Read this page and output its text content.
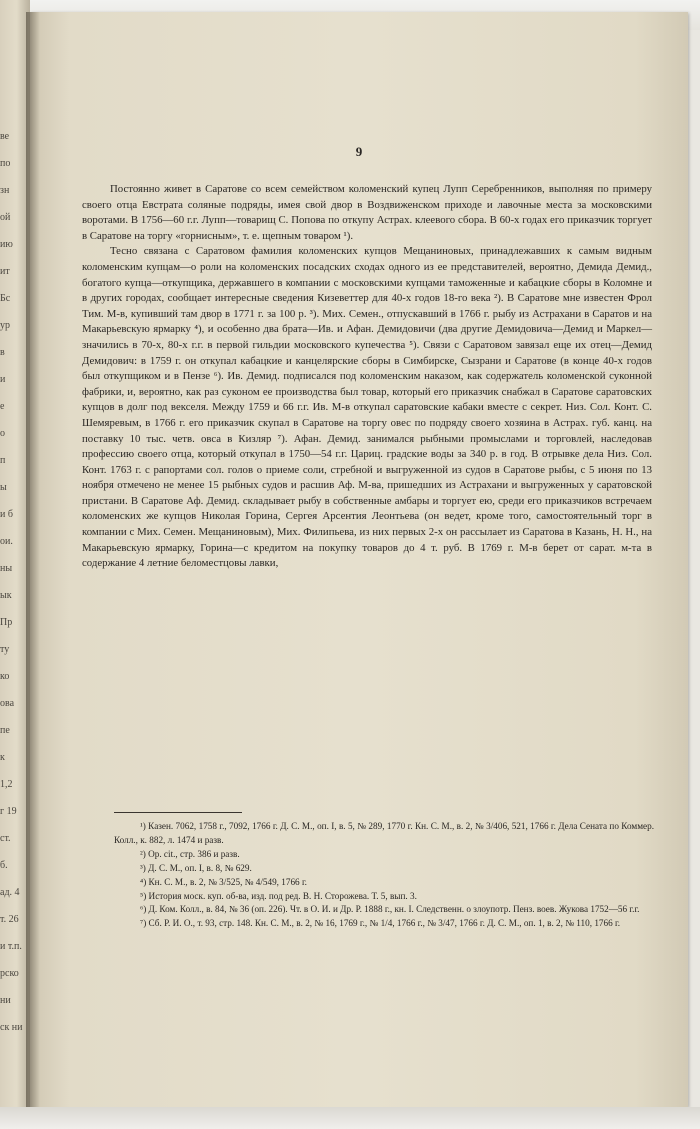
ве
по
зн
ой
ию
ит
Бс
ур
в
и
е
о
п
ы
и б
ои.
ны
ык
Пр
ту
ко
ова
пе
к
1,2
г 19
ст.
б.
ад. 4
т. 26
и т.п.
рско
ни
ск ни
9

Постоянно живет в Саратове со всем семейством коломенский купец Лупп Серебренников, выполняя по примеру своего отца Евстрата соляные подряды, имея свой двор в Воздвиженском приходе и лавочные места за московскими воротами. В 1756—60 г.г. Лупп—товарищ С. Попова по откупу Астрах. клеевого сбора. В 60-х годах его приказчик торгует в Саратове на торгу «горнисным», т. е. щепным товаром ¹).

Тесно связана с Саратовом фамилия коломенских купцов Мещаниновых, принадлежавших к самым видным коломенским купцам—о роли на коломенских посадских сходах одного из ее представителей, вероятно, Демида Демид., богатого купца—откупщика, державшего в компании с московскими купцами таможенные и кабацкие сборы в Коломне и в других городах, сообщает интересные сведения Кизеветтер для 40-х годов 18-го века ²). В Саратове мне известен Фрол Тим. М-в, купивший там двор в 1771 г. за 100 р. ³). Мих. Семен., отпускавший в 1766 г. рыбу из Астрахани в Саратов и на Макарьевскую ярмарку ⁴), и особенно два брата—Ив. и Афан. Демидовичи (два другие Демидовича—Демид и Маркел—значились в 70-х, 80-х г.г. в первой гильдии московского купечества ⁵). Связи с Саратовом завязал еще их отец—Демид Демидович: в 1759 г. он откупал кабацкие и канцелярские сборы в Симбирске, Сызрани и Саратове (в конце 40-х годов был откупщиком и в Пензе ⁶). Ив. Демид. подписался под коломенским наказом, как содержатель коломенской суконной фабрики, и, вероятно, как раз суконом ее производства был товар, который его приказчик снабжал в Саратове саратовских купцов в долг под векселя. Между 1759 и 66 г.г. Ив. М-в откупал саратовские кабаки вместе с секрет. Низ. Сол. Конт. С. Шемяревым, в 1766 г. его приказчик скупал в Саратове на торгу овес по подряду своего хозяина в Астрах. губ. канц. на поставку 10 тыс. четв. овса в Кизляр ⁷). Афан. Демид. занимался рыбными промыслами и торговлей, наследовав профессию своего отца, который откупал в 1750—54 г.г. Цариц. градские воды за 340 р. в год. В отрывке дела Низ. Сол. Конт. 1763 г. с рапортами сол. голов о приеме соли, стребной и выгруженной из судов в Саратове рыбы, с 5 июня по 13 ноября отмечено не менее 15 рыбных судов и расшив Аф. М-ва, пришедших из Астрахани и выгруженных у саратовской пристани. В Саратове Аф. Демид. складывает рыбу в собственные амбары и торгует ею, среди его приказчиков встречаем коломенских же купцов Николая Горина, Сергея Арсентия Леонтьева (он ведет, кроме того, самостоятельный торг в компании с Мих. Семен. Мещаниновым), Мих. Филипьева, из них первых 2-х он рассылает из Саратова в Казань, Н. Н., на Макарьевскую ярмарку, Горина—с кредитом на покупку товаров до 4 т. руб. В 1769 г. М-в берет от сарат. м-та в содержание 4 летние беломестцовы лавки,

¹) Казен. 7062, 1758 г., 7092, 1766 г. Д. С. М., оп. I, в. 5, № 289, 1770 г. Кн. С. М., в. 2, № 3/406, 521, 1766 г. Дела Сената по Коммер. Колл., к. 882, л. 1474 и разв.

²) Ор. cit., стр. 386 и разв.

³) Д. С. М., оп. I, в. 8, № 629.

⁴) Кн. С. М., в. 2, № 3/525, № 4/549, 1766 г.

⁵) История моск. куп. об-ва, изд. под ред. В. Н. Сторожева. Т. 5, вып. 3.

⁶) Д. Ком. Колл., в. 84, № 36 (оп. 226). Чт. в О. И. и Др. Р. 1888 г., кн. I. Следственн. о злоупотр. Пенз. воев. Жукова 1752—56 г.г.

⁷) Сб. Р. И. О., т. 93, стр. 148. Кн. С. М., в. 2, № 16, 1769 г., № 1/4, 1766 г., № 3/47, 1766 г. Д. С. М., оп. 1, в. 2, № 110, 1766 г.
